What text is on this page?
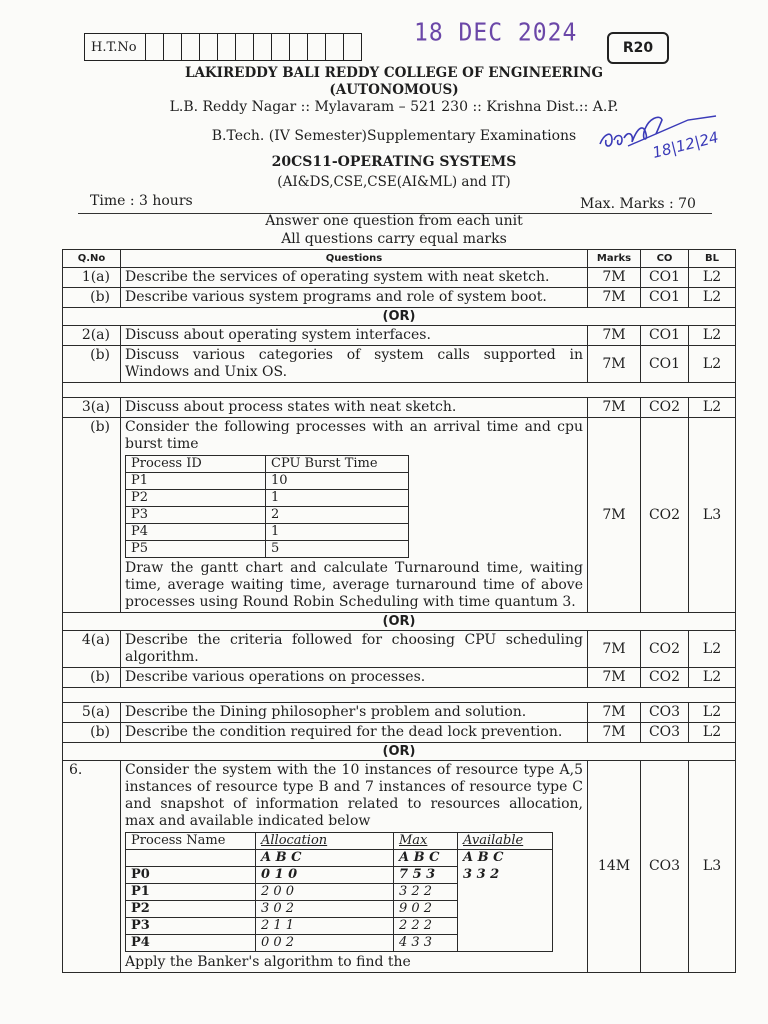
H.T.No	18 DEC 2024
R20
LAKIREDDY BALI REDDY COLLEGE OF ENGINEERING
(AUTONOMOUS)
L.B. Reddy Nagar :: Mylavaram – 521 230 :: Krishna Dist.:: A.P.
B.Tech. (IV Semester)Supplementary Examinations	18|12|24
20CS11-OPERATING SYSTEMS
(AI&DS,CSE,CSE(AI&ML) and IT)
Time : 3 hours	Max. Marks : 70
Answer one question from each unit
All questions carry equal marks
Q.No	Questions	Marks	CO	BL
1(a)	Describe the services of operating system with neat sketch.	7M	CO1	L2
(b)	Describe various system programs and role of system boot.	7M	CO1	L2
(OR)
2(a)	Discuss about operating system interfaces.	7M	CO1	L2
(b)	Discuss various categories of system calls supported in Windows and Unix OS.	7M	CO1	L2

3(a)	Discuss about process states with neat sketch.	7M	CO2	L2
(b)	Consider the following processes with an arrival time and cpu burst time
Process ID	CPU Burst Time
P1	10
P2	1
P3	2
P4	1
P5	5
Draw the gantt chart and calculate Turnaround time, waiting time, average waiting time, average turnaround time of above processes using Round Robin Scheduling with time quantum 3.
	7M	CO2	L3
(OR)
4(a)	Describe the criteria followed for choosing CPU scheduling algorithm.	7M	CO2	L2
(b)	Describe various operations on processes.	7M	CO2	L2

5(a)	Describe the Dining philosopher's problem and solution.	7M	CO3	L2
(b)	Describe the condition required for the dead lock prevention.	7M	CO3	L2
(OR)
6.	Consider the system with the 10 instances of resource type A,5 instances of resource type B and 7 instances of resource type C and snapshot of information related to resources allocation, max and available indicated below
Process Name	Allocation	Max	Available
	A B C	A B C	A B C
P0	0 1 0	7 5 3	3 3 2
P1	2 0 0	3 2 2
P2	3 0 2	9 0 2
P3	2 1 1	2 2 2
P4	0 0 2	4 3 3
Apply the Banker's algorithm to find the
	14M	CO3	L3
